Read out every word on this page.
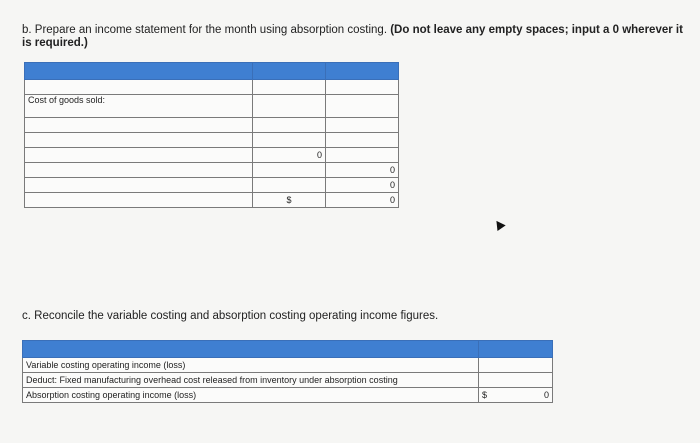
b. Prepare an income statement for the month using absorption costing. (Do not leave any empty spaces; input a 0 wherever it is required.)

Cost of goods sold:		

	0	
		0
		0
	$	0
c. Reconcile the variable costing and absorption costing operating income figures.

Variable costing operating income (loss)	
Deduct: Fixed manufacturing overhead cost released from inventory under absorption costing	
Absorption costing operating income (loss)	$ 0
